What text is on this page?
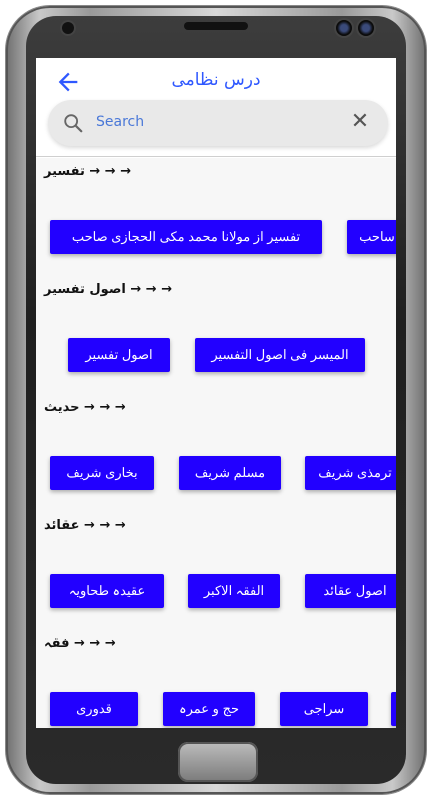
درس نظامی
Search
✕
→ → → تفسیر
تفسیر از مولانا محمد مکی الحجازی صاحب	ساحب
→ → → اصول تفسیر
اصول تفسیر	المیسر فی اصول التفسیر
→ → → حدیث
بخاری شریف	مسلم شریف	ترمذی شریف
→ → → عقائد
عقیدہ طحاویہ	الفقہ الاکبر	اصول عقائد
→ → → فقہ
قدوری	حج و عمرہ	سراجی
